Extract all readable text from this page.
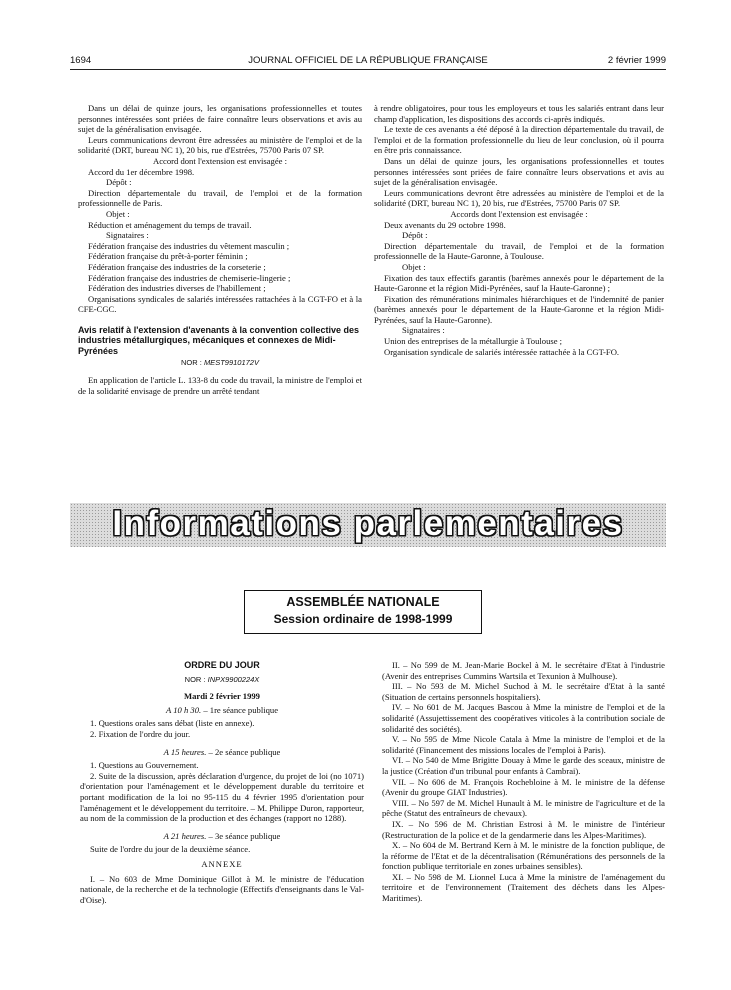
1694	JOURNAL OFFICIEL DE LA RÉPUBLIQUE FRANÇAISE	2 février 1999

Dans un délai de quinze jours, les organisations professionnelles et toutes personnes intéressées sont priées de faire connaître leurs observations et avis au sujet de la généralisation envisagée.

Leurs communications devront être adressées au ministère de l'emploi et de la solidarité (DRT, bureau NC 1), 20 bis, rue d'Estrées, 75700 Paris 07 SP.

Accord dont l'extension est envisagée :

Accord du 1er décembre 1998.

Dépôt :

Direction départementale du travail, de l'emploi et de la formation professionnelle de Paris.

Objet :

Réduction et aménagement du temps de travail.

Signataires :

Fédération française des industries du vêtement masculin ;

Fédération française du prêt-à-porter féminin ;

Fédération française des industries de la corseterie ;

Fédération française des industries de chemiserie-lingerie ;

Fédération des industries diverses de l'habillement ;

Organisations syndicales de salariés intéressées rattachées à la CGT-FO et à la CFE-CGC.

Avis relatif à l'extension d'avenants à la convention collective des industries métallurgiques, mécaniques et connexes de Midi-Pyrénées

NOR : MESТ9910172V

En application de l'article L. 133-8 du code du travail, la ministre de l'emploi et de la solidarité envisage de prendre un arrêté tendant

à rendre obligatoires, pour tous les employeurs et tous les salariés entrant dans leur champ d'application, les dispositions des accords ci-après indiqués.

Le texte de ces avenants a été déposé à la direction départementale du travail, de l'emploi et de la formation professionnelle du lieu de leur conclusion, où il pourra en être pris connaissance.

Dans un délai de quinze jours, les organisations professionnelles et toutes personnes intéressées sont priées de faire connaître leurs observations et avis au sujet de la généralisation envisagée.

Leurs communications devront être adressées au ministère de l'emploi et de la solidarité (DRT, bureau NC 1), 20 bis, rue d'Estrées, 75700 Paris 07 SP.

Accords dont l'extension est envisagée :

Deux avenants du 29 octobre 1998.

Dépôt :

Direction départementale du travail, de l'emploi et de la formation professionnelle de la Haute-Garonne, à Toulouse.

Objet :

Fixation des taux effectifs garantis (barèmes annexés pour le département de la Haute-Garonne et la région Midi-Pyrénées, sauf la Haute-Garonne) ;

Fixation des rémunérations minimales hiérarchiques et de l'indemnité de panier (barèmes annexés pour le département de la Haute-Garonne et la région Midi-Pyrénées, sauf la Haute-Garonne).

Signataires :

Union des entreprises de la métallurgie à Toulouse ;

Organisation syndicale de salariés intéressée rattachée à la CGT-FO.

Informations parlementaires
ASSEMBLÉE NATIONALE
Session ordinaire de 1998-1999

ORDRE DU JOUR

NOR : INPX9900224X

Mardi 2 février 1999

A 10 h 30. – 1re séance publique

1. Questions orales sans débat (liste en annexe).

2. Fixation de l'ordre du jour.

A 15 heures. – 2e séance publique

1. Questions au Gouvernement.

2. Suite de la discussion, après déclaration d'urgence, du projet de loi (no 1071) d'orientation pour l'aménagement et le développement durable du territoire et portant modification de la loi no 95-115 du 4 février 1995 d'orientation pour l'aménagement et le développement du territoire. – M. Philippe Duron, rapporteur, au nom de la commission de la production et des échanges (rapport no 1288).

A 21 heures. – 3e séance publique

Suite de l'ordre du jour de la deuxième séance.

ANNEXE

I. – No 603 de Mme Dominique Gillot à M. le ministre de l'éducation nationale, de la recherche et de la technologie (Effectifs d'enseignants dans le Val-d'Oise).

II. – No 599 de M. Jean-Marie Bockel à M. le secrétaire d'Etat à l'industrie (Avenir des entreprises Cummins Wartsila et Texunion à Mulhouse).

III. – No 593 de M. Michel Suchod à M. le secrétaire d'Etat à la santé (Situation de certains personnels hospitaliers).

IV. – No 601 de M. Jacques Bascou à Mme la ministre de l'emploi et de la solidarité (Assujettissement des coopératives viticoles à la contribution sociale de solidarité des sociétés).

V. – No 595 de Mme Nicole Catala à Mme la ministre de l'emploi et de la solidarité (Financement des missions locales de l'emploi à Paris).

VI. – No 540 de Mme Brigitte Douay à Mme le garde des sceaux, ministre de la justice (Création d'un tribunal pour enfants à Cambrai).

VII. – No 606 de M. François Rochebloine à M. le ministre de la défense (Avenir du groupe GIAT Industries).

VIII. – No 597 de M. Michel Hunault à M. le ministre de l'agriculture et de la pêche (Statut des entraîneurs de chevaux).

IX. – No 596 de M. Christian Estrosi à M. le ministre de l'intérieur (Restructuration de la police et de la gendarmerie dans les Alpes-Maritimes).

X. – No 604 de M. Bertrand Kern à M. le ministre de la fonction publique, de la réforme de l'Etat et de la décentralisation (Rémunérations des personnels de la fonction publique territoriale en zones urbaines sensibles).

XI. – No 598 de M. Lionnel Luca à Mme la ministre de l'aménagement du territoire et de l'environnement (Traitement des déchets dans les Alpes-Maritimes).
